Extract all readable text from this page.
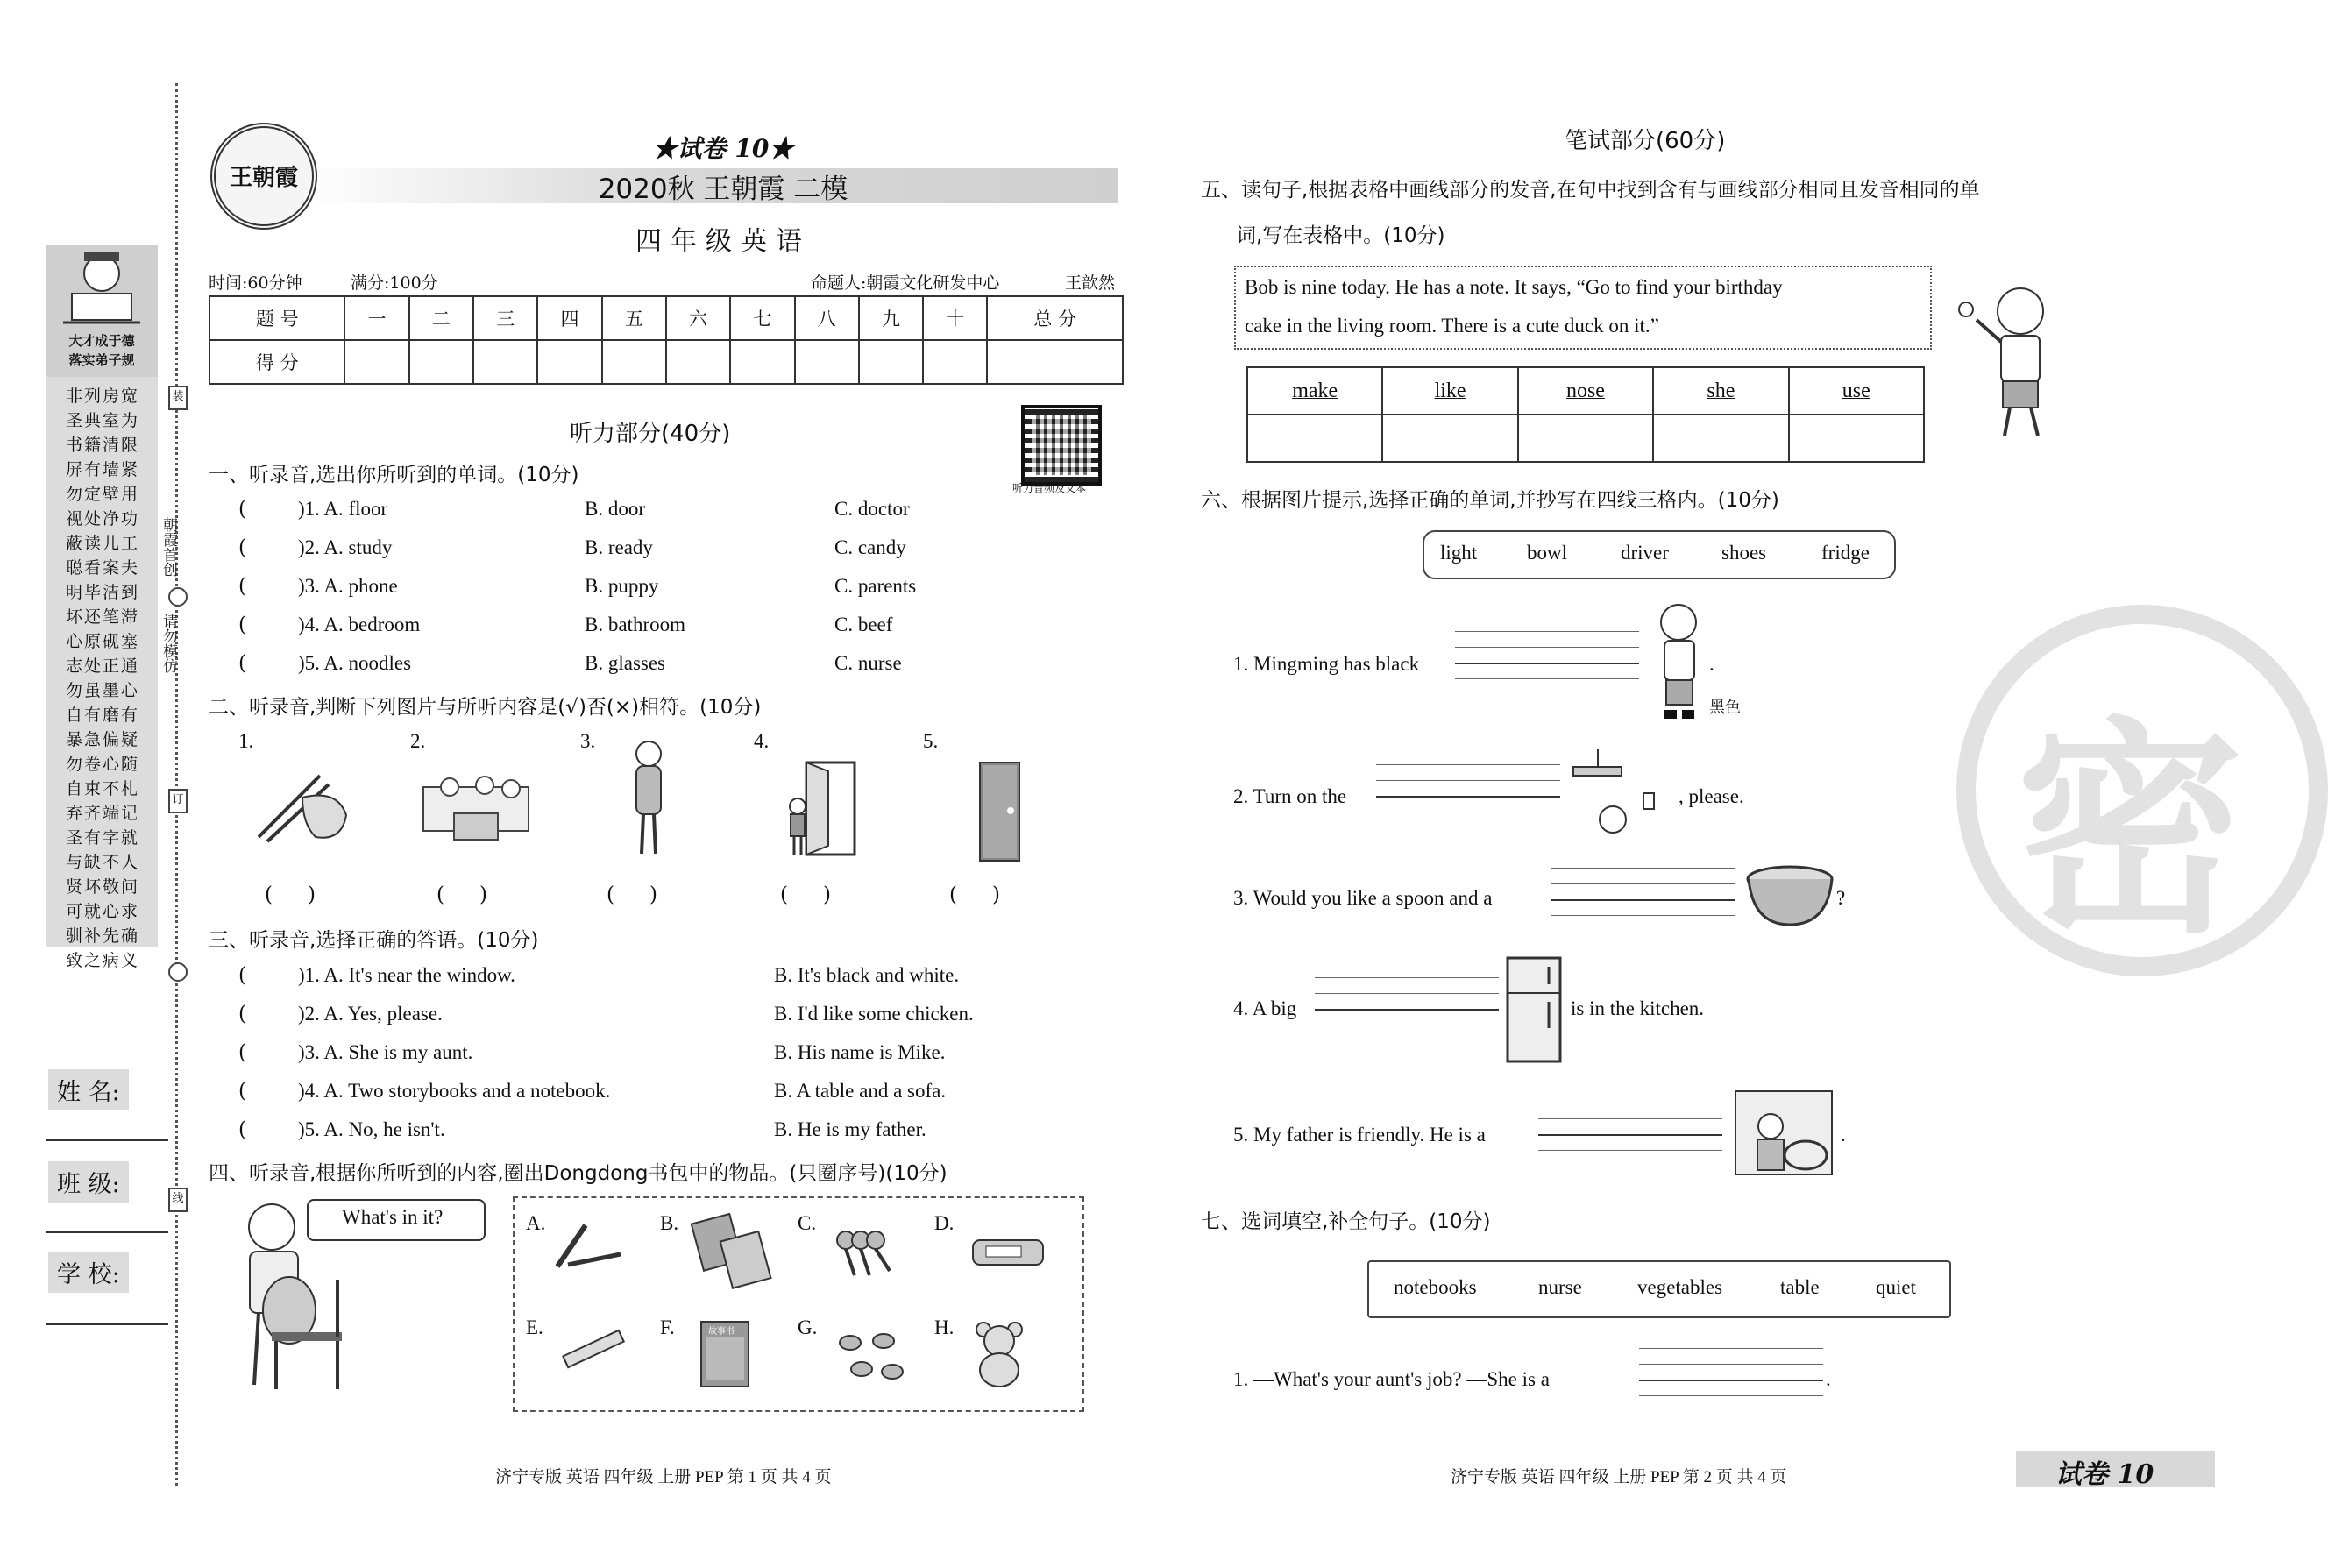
大才成于德
落实弟子规
非列房宽
圣典室为
书籍清限
屏有墙紧
勿定壁用
视处净功
蔽读儿工
聪看案夫
明毕洁到
坏还笔滞
心原砚塞
志处正通
勿虽墨心
自有磨有
暴急偏疑
勿卷心随
自束不札
弃齐端记
圣有字就
与缺不人
贤坏敬问
可就心求
驯补先确
致之病义
朝霞首创
请勿模仿
装
订
线
姓 名:
班 级:
学 校:
王朝霞
★试卷 10★
2020秋 王朝霞 二模
四年级英语
时间:60分钟	满分:100分	命题人:朝霞文化研发中心	王歆然
题 号	一	二	三	四	五	六	七	八	九	十	总 分
得 分											
听力部分(40分)
听力音频及文本
一、听录音,选出你所听到的单词。(10分)
(	)1. A. floor	B. door	C. doctor
(	)2. A. study	B. ready	C. candy
(	)3. A. phone	B. puppy	C. parents
(	)4. A. bedroom	B. bathroom	C. beef
(	)5. A. noodles	B. glasses	C. nurse
二、听录音,判断下列图片与所听内容是(√)否(×)相符。(10分)
1.	2.	3.	4.	5.
()	()	()	()	()
三、听录音,选择正确的答语。(10分)
(	)1. A. It's near the window.	B. It's black and white.
(	)2. A. Yes, please.	B. I'd like some chicken.
(	)3. A. She is my aunt.	B. His name is Mike.
(	)4. A. Two storybooks and a notebook.	B. A table and a sofa.
(	)5. A. No, he isn't.	B. He is my father.
四、听录音,根据你所听到的内容,圈出Dongdong书包中的物品。(只圈序号)(10分)
What's in it?	A.	B.	C.	D.
E.	F.	G.	H.
故事书
笔试部分(60分)
五、读句子,根据表格中画线部分的发音,在句中找到含有与画线部分相同且发音相同的单
词,写在表格中。(10分)
Bob is nine today. He has a note. It says, “Go to find your birthday
cake in the living room. There is a cute duck on it.”
make	like	nose	she	use

六、根据图片提示,选择正确的单词,并抄写在四线三格内。(10分)
light bowl	driver	shoes	fridge
1. Mingming has black	.
黑色
2. Turn on the	, please.
3. Would you like a spoon and a	?
4. A big	is in the kitchen.
5. My father is friendly. He is a	.
七、选词填空,补全句子。(10分)
notebooks	nurse	vegetables	table	quiet
1. —What's your aunt's job? —She is a	.
密
济宁专版 英语 四年级 上册 PEP 第 1 页 共 4 页	济宁专版 英语 四年级 上册 PEP 第 2 页 共 4 页	试卷 10
